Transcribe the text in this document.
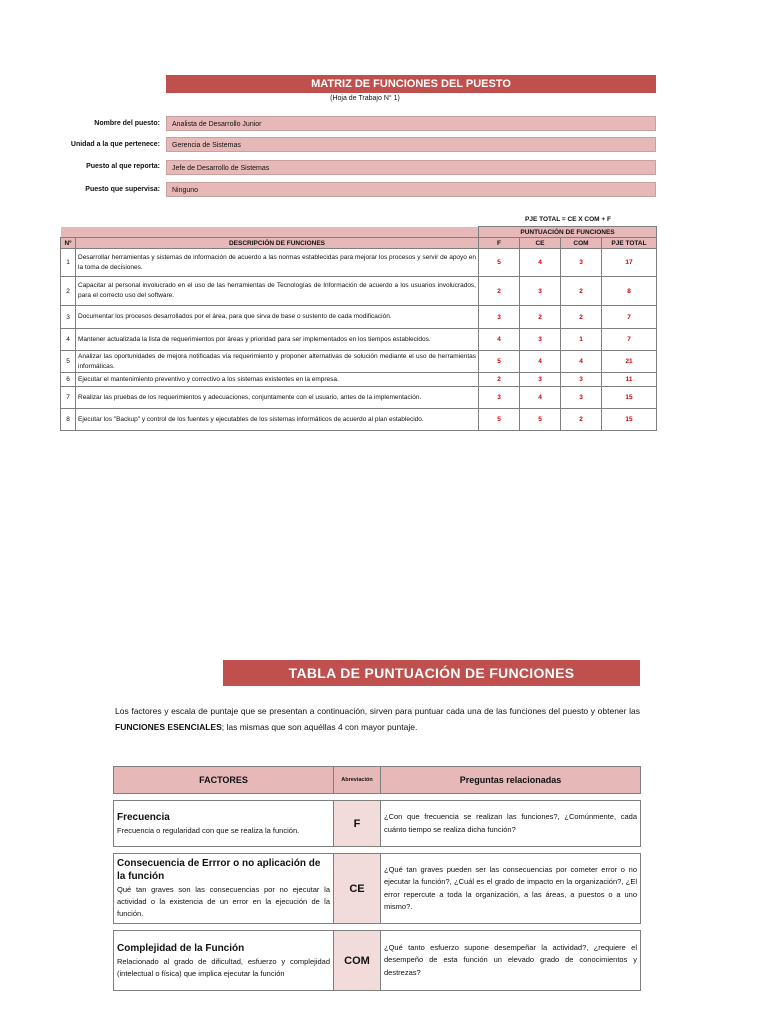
MATRIZ DE FUNCIONES DEL PUESTO
(Hoja de Trabajo N° 1)
Nombre del puesto:	Analista de Desarrollo Junior
Unidad a la que pertenece:	Gerencia de Sistemas
Puesto al que reporta:	Jefe de Desarrollo de Sistemas
Puesto que supervisa:	Ninguno
PJE TOTAL = CE X COM + F
		PUNTUACIÓN DE FUNCIONES			
Nº	DESCRIPCIÓN DE FUNCIONES	F	CE	COM	PJE TOTAL
1	Desarrollar herramientas y sistemas de información de acuerdo a las normas establecidas para mejorar los procesos y servir de apoyo en la toma de decisiones.	5	4	3	17
2	Capacitar al personal involucrado en el uso de las herramientas de Tecnologías de Información de acuerdo a los usuarios involucrados, para el correcto uso del software.	2	3	2	8
3	Documentar los procesos desarrollados por el área, para que sirva de base o sustento de cada modificación.	3	2	2	7
4	Mantener actualizada la lista de requerimientos por áreas y prioridad para ser implementados en los tiempos establecidos.	4	3	1	7
5	Analizar las oportunidades de mejora notificadas vía requerimiento y proponer alternativas de solución mediante el uso de herramientas informáticas.	5	4	4	21
6	Ejecutar el mantenimiento preventivo y correctivo a los sistemas existentes en la empresa.	2	3	3	11
7	Realizar las pruebas de los requerimientos y adecuaciones, conjuntamente con el usuario, antes de la implementación.	3	4	3	15
8	Ejecutar los "Backup" y control de los fuentes y ejecutables de los sistemas informáticos de acuerdo al plan establecido.	5	5	2	15
TABLA DE PUNTUACIÓN DE FUNCIONES
Los factores y escala de puntaje que se presentan a continuación, sirven para puntuar cada una de las funciones del puesto y obtener las FUNCIONES ESENCIALES; las mismas que son aquéllas 4 con mayor puntaje.
FACTORES	Abreviación	Preguntas relacionadas

Frecuencia
Frecuencia o regularidad con que se realiza la función.	F	¿Con que frecuencia se realizan las funciones?, ¿Comúnmente, cada cuánto tiempo se realiza dicha función?

Consecuencia de Errror o no aplicación de la función
Qué tan graves son las consecuencias por no ejecutar la actividad o la existencia de un error en la ejecución de la función.	CE	¿Qué tan graves pueden ser las consecuencias por cometer error o no ejecutar la función?, ¿Cuál es el grado de impacto en la organización?, ¿El error repercute a toda la organización, a las áreas, a puestos o a uno mismo?.

Complejidad de la Función
Relacionado al grado de dificultad, esfuerzo y complejidad (intelectual o física) que implica ejecutar la función	COM	¿Qué tanto esfuerzo supone desempeñar la actividad?, ¿requiere el desempeño de esta función un elevado grado de conocimientos y destrezas?
